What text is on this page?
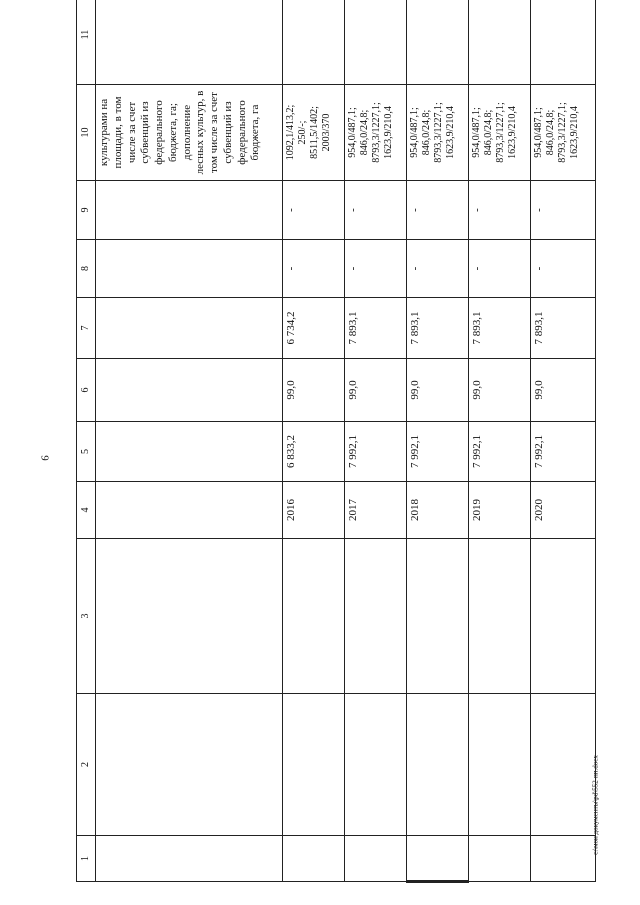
9
c:\мои документы\рd\552-пп.docx
1	2	3	4	5	6	7	8	9	10	11
									культурами на площади, в том числе за счет субвенций из федерального бюджета, га; дополнение лесных культур, в том числе за счет субвенций из федерального бюджета, га	
			2016	6 833,2	99,0	6 734,2	-	-	1092,1/413,2;
250/-;
8511,5/1402;
2003/370	
			2017	7 992,1	99,0	7 893,1	-	-	954,0/487,1;
846,0/24,8;
8793,3/1227,1;
1623,9/210,4	
			2018	7 992,1	99,0	7 893,1	-	-	954,0/487,1;
846,0/24,8;
8793,3/1227,1;
1623,9/210,4	
			2019	7 992,1	99,0	7 893,1	-	-	954,0/487,1;
846,0/24,8;
8793,3/1227,1;
1623,9/210,4	
			2020	7 992,1	99,0	7 893,1	-	-	954,0/487,1;
846,0/24,8;
8793,3/1227,1;
1623,9/210,4	
